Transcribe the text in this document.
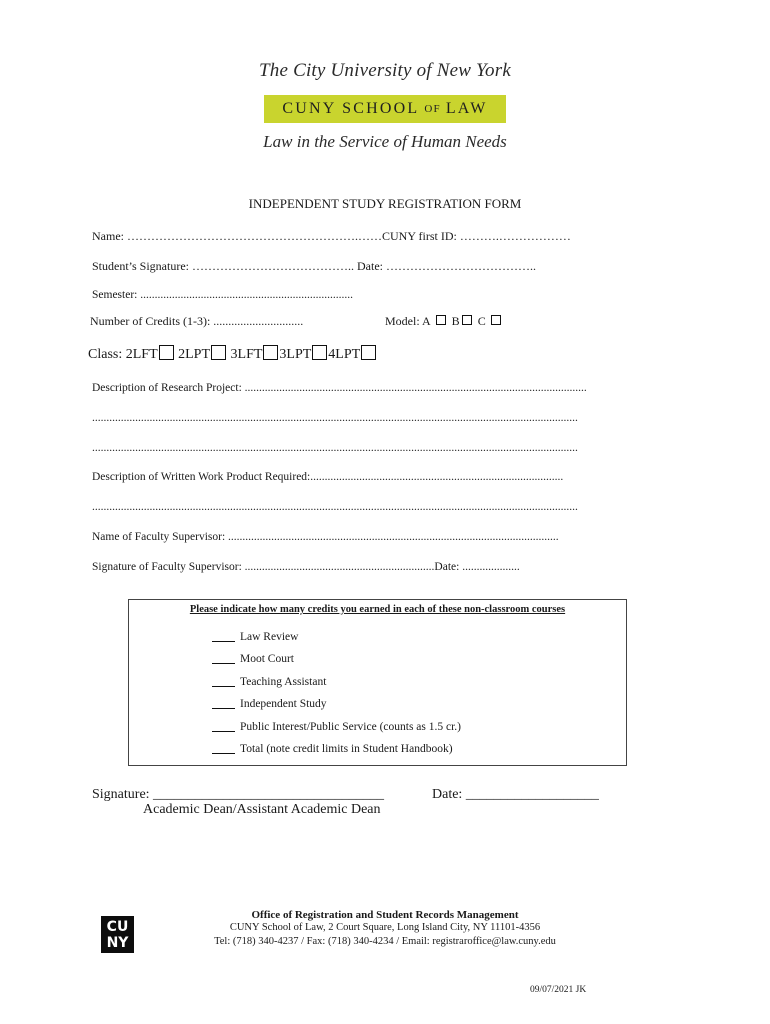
The City University of New York
CUNY SCHOOL OF LAW
Law in the Service of Human Needs
INDEPENDENT STUDY REGISTRATION FORM
Name: ………………………………………………….……CUNY first ID: ……….………………
Student’s Signature: ………………………………….. Date: ………………………………..
Semester: ..........................................................................
Number of Credits (1-3): ..............................	Model: A B C
Class: 2LFT 2LPT 3LFT 3LPT 4LPT
Description of Research Project: .......................................................................................................................
.........................................................................................................................................................................
.........................................................................................................................................................................
Description of Written Work Product Required:........................................................................................
.........................................................................................................................................................................
Name of Faculty Supervisor: ...................................................................................................................
Signature of Faculty Supervisor: ..................................................................Date: ....................
Please indicate how many credits you earned in each of these non-classroom courses
Law Review
Moot Court
Teaching Assistant
Independent Study
Public Interest/Public Service (counts as 1.5 cr.)
Total (note credit limits in Student Handbook)
Signature: _________________________________	Date: ___________________
Academic Dean/Assistant Academic Dean
CU
NY
Office of Registration and Student Records Management
CUNY School of Law, 2 Court Square, Long Island City, NY 11101-4356
Tel: (718) 340-4237 / Fax: (718) 340-4234 / Email: registraroffice@law.cuny.edu
09/07/2021 JK
